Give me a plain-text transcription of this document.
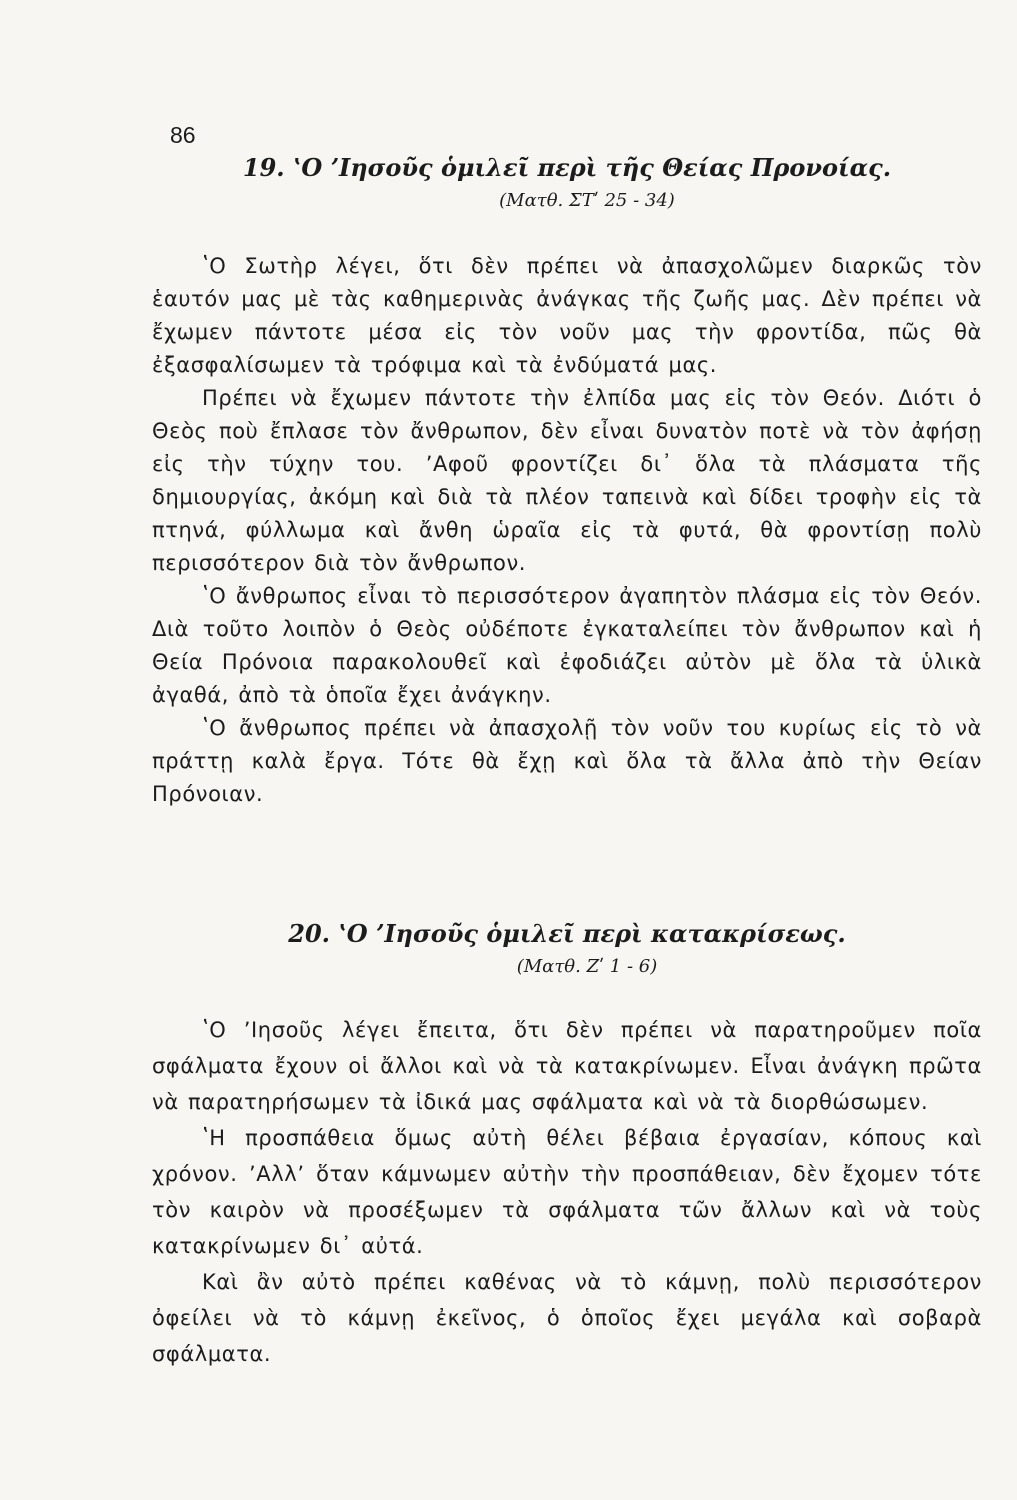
86
19. ʽΟ ʼΙησοῦς ὁμιλεῖ περὶ τῆς Θείας Προνοίας.
(Ματθ. ΣΤʹ 25 - 34)

ʽΟ Σωτὴρ λέγει, ὅτι δὲν πρέπει νὰ ἀπασχολῶμεν διαρκῶς τὸν ἑαυτόν μας μὲ τὰς καθημερινὰς ἀνάγκας τῆς ζωῆς μας. Δὲν πρέπει νὰ ἔχωμεν πάντοτε μέσα εἰς τὸν νοῦν μας τὴν φροντίδα, πῶς θὰ ἐξασφαλίσωμεν τὰ τρόφιμα καὶ τὰ ἐνδύματά μας.

Πρέπει νὰ ἔχωμεν πάντοτε τὴν ἐλπίδα μας εἰς τὸν Θεόν. Διότι ὁ Θεὸς ποὺ ἔπλασε τὸν ἄνθρωπον, δὲν εἶναι δυνατὸν ποτὲ νὰ τὸν ἀφήσῃ εἰς τὴν τύχην του. ʼΑφοῦ φροντίζει δι᾽ ὅλα τὰ πλάσματα τῆς δημιουργίας, ἀκόμη καὶ διὰ τὰ πλέον ταπεινὰ καὶ δίδει τροφὴν εἰς τὰ πτηνά, φύλλωμα καὶ ἄνθη ὡραῖα εἰς τὰ φυτά, θὰ φροντίσῃ πολὺ περισσότερον διὰ τὸν ἄνθρωπον.

ʽΟ ἄνθρωπος εἶναι τὸ περισσότερον ἀγαπητὸν πλάσμα εἰς τὸν Θεόν. Διὰ τοῦτο λοιπὸν ὁ Θεὸς οὐδέποτε ἐγκαταλείπει τὸν ἄνθρωπον καὶ ἡ Θεία Πρόνοια παρακολουθεῖ καὶ ἐφοδιάζει αὐτὸν μὲ ὅλα τὰ ὑλικὰ ἀγαθά, ἀπὸ τὰ ὁποῖα ἔχει ἀνάγκην.

ʽΟ ἄνθρωπος πρέπει νὰ ἀπασχολῇ τὸν νοῦν του κυρίως εἰς τὸ νὰ πράττῃ καλὰ ἔργα. Τότε θὰ ἔχῃ καὶ ὅλα τὰ ἄλλα ἀπὸ τὴν Θείαν Πρόνοιαν.

20. ʽΟ ʼΙησοῦς ὁμιλεῖ περὶ κατακρίσεως.
(Ματθ. Ζʹ 1 - 6)

ʽΟ ʼΙησοῦς λέγει ἔπειτα, ὅτι δὲν πρέπει νὰ παρατηροῦμεν ποῖα σφάλματα ἔχουν οἱ ἄλλοι καὶ νὰ τὰ κατακρίνωμεν. Εἶναι ἀνάγκη πρῶτα νὰ παρατηρήσωμεν τὰ ἰδικά μας σφάλματα καὶ νὰ τὰ διορθώσωμεν.

ʽΗ προσπάθεια ὅμως αὐτὴ θέλει βέβαια ἐργασίαν, κόπους καὶ χρόνον. ʼΑλλʼ ὅταν κάμνωμεν αὐτὴν τὴν προσπάθειαν, δὲν ἔχομεν τότε τὸν καιρὸν νὰ προσέξωμεν τὰ σφάλματα τῶν ἄλλων καὶ νὰ τοὺς κατακρίνωμεν δι᾽ αὐτά.

Καὶ ἂν αὐτὸ πρέπει καθένας νὰ τὸ κάμνῃ, πολὺ περισσότερον ὀφείλει νὰ τὸ κάμνῃ ἐκεῖνος, ὁ ὁποῖος ἔχει μεγάλα καὶ σοβαρὰ σφάλματα.
